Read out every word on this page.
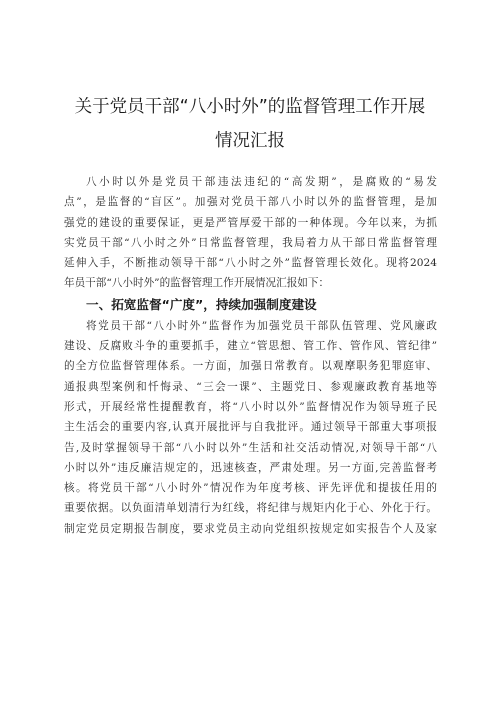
关于党员干部“八小时外”的监督管理工作开展
情况汇报
八小时以外是党员干部违法违纪的“高发期”，是腐败的“易发
点”，是监督的“盲区”。加强对党员干部八小时以外的监督管理，是加
强党的建设的重要保证，更是严管厚爱干部的一种体现。今年以来，为抓
实党员干部“八小时之外”日常监督管理，我局着力从干部日常监督管理
延伸入手，不断推动领导干部“八小时之外”监督管理长效化。现将2024
年员干部“八小时外”的监督管理工作开展情况汇报如下：
一、拓宽监督“广度”，持续加强制度建设
将党员干部“八小时外”监督作为加强党员干部队伍管理、党风廉政
建设、反腐败斗争的重要抓手，建立“管思想、管工作、管作风、管纪律”
的全方位监督管理体系。一方面，加强日常教育。以观摩职务犯罪庭审、
通报典型案例和忏悔录、“三会一课”、主题党日、参观廉政教育基地等
形式，开展经常性提醒教育，将“八小时以外”监督情况作为领导班子民
主生活会的重要内容,认真开展批评与自我批评。通过领导干部重大事项报
告,及时掌握领导干部“八小时以外”生活和社交活动情况,对领导干部“八
小时以外”违反廉洁规定的，迅速核查，严肃处理。另一方面,完善监督考
核。将党员干部“八小时外”情况作为年度考核、评先评优和提拔任用的
重要依据。以负面清单划清行为红线，将纪律与规矩内化于心、外化于行。
制定党员定期报告制度，要求党员主动向党组织按规定如实报告个人及家
